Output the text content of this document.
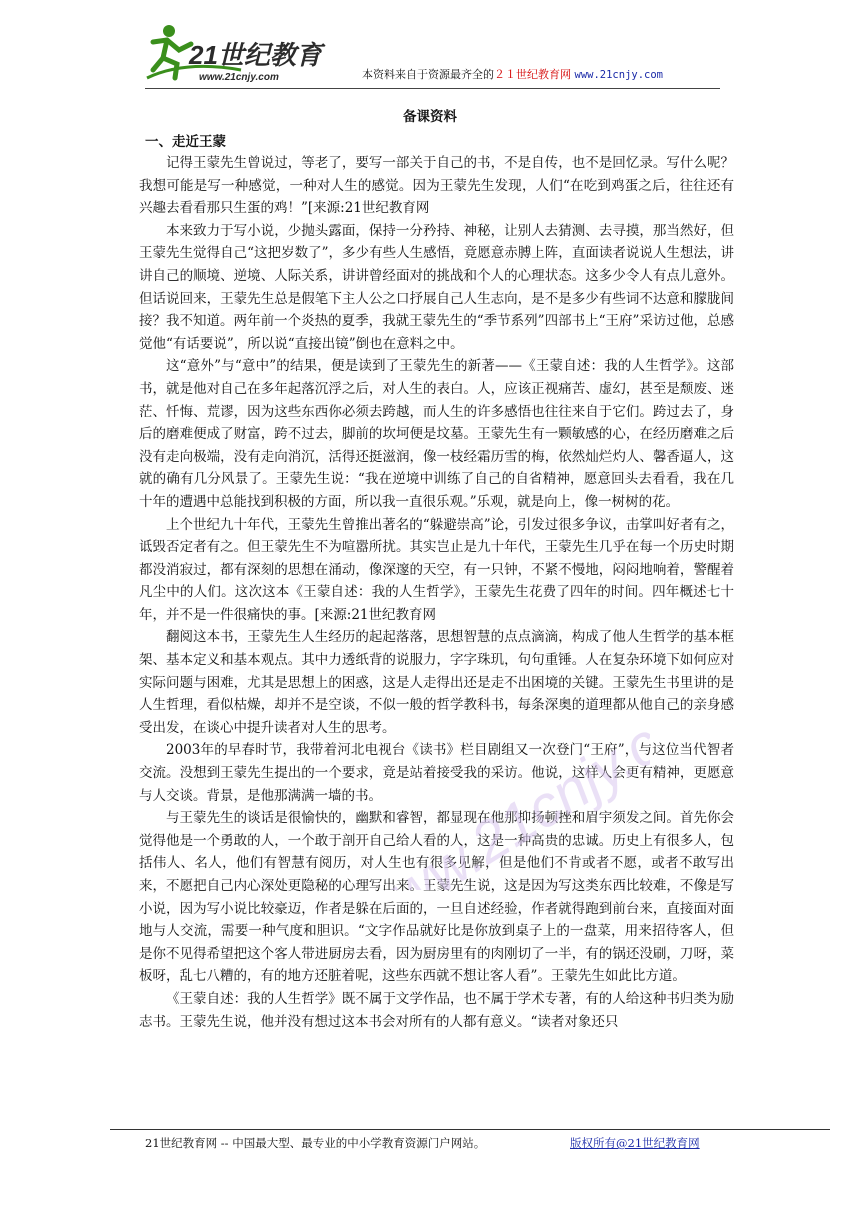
21世纪教育
www.21cnjy.com	本资料来自于资源最齐全的２１世纪教育网 www.21cnjy.com
备课资料
一、走近王蒙

记得王蒙先生曾说过，等老了，要写一部关于自己的书，不是自传，也不是回忆录。写什么呢？我想可能是写一种感觉，一种对人生的感觉。因为王蒙先生发现，人们“在吃到鸡蛋之后，往往还有兴趣去看看那只生蛋的鸡！”[来源:21世纪教育网

本来致力于写小说，少抛头露面，保持一分矜持、神秘，让别人去猜测、去寻摸，那当然好，但王蒙先生觉得自己“这把岁数了”，多少有些人生感悟，竟愿意赤膊上阵，直面读者说说人生想法，讲讲自己的顺境、逆境、人际关系，讲讲曾经面对的挑战和个人的心理状态。这多少令人有点儿意外。但话说回来，王蒙先生总是假笔下主人公之口抒展自己人生志向，是不是多少有些词不达意和朦胧间接？我不知道。两年前一个炎热的夏季，我就王蒙先生的“季节系列”四部书上“王府”采访过他，总感觉他“有话要说”，所以说“直接出镜”倒也在意料之中。

这“意外”与“意中”的结果，便是读到了王蒙先生的新著——《王蒙自述：我的人生哲学》。这部书，就是他对自己在多年起落沉浮之后，对人生的表白。人，应该正视痛苦、虚幻，甚至是颓废、迷茫、忏悔、荒谬，因为这些东西你必须去跨越，而人生的许多感悟也往往来自于它们。跨过去了，身后的磨难便成了财富，跨不过去，脚前的坎坷便是坟墓。王蒙先生有一颗敏感的心，在经历磨难之后没有走向极端，没有走向消沉，活得还挺滋润，像一枝经霜历雪的梅，依然灿烂灼人、馨香逼人，这就的确有几分风景了。王蒙先生说：“我在逆境中训练了自己的自省精神，愿意回头去看看，我在几十年的遭遇中总能找到积极的方面，所以我一直很乐观。”乐观，就是向上，像一树树的花。

上个世纪九十年代，王蒙先生曾推出著名的“躲避崇高”论，引发过很多争议，击掌叫好者有之，诋毁否定者有之。但王蒙先生不为喧嚣所扰。其实岂止是九十年代，王蒙先生几乎在每一个历史时期都没消寂过，都有深刻的思想在涌动，像深邃的天空，有一只钟，不紧不慢地，闷闷地响着，警醒着凡尘中的人们。这次这本《王蒙自述：我的人生哲学》，王蒙先生花费了四年的时间。四年概述七十年，并不是一件很痛快的事。[来源:21世纪教育网

翻阅这本书，王蒙先生人生经历的起起落落，思想智慧的点点滴滴，构成了他人生哲学的基本框架、基本定义和基本观点。其中力透纸背的说服力，字字珠玑，句句重锤。人在复杂环境下如何应对实际问题与困难，尤其是思想上的困惑，这是人走得出还是走不出困境的关键。王蒙先生书里讲的是人生哲理，看似枯燥，却并不是空谈，不似一般的哲学教科书，每条深奥的道理都从他自己的亲身感受出发，在谈心中提升读者对人生的思考。

2003年的早春时节，我带着河北电视台《读书》栏目剧组又一次登门“王府”，与这位当代智者交流。没想到王蒙先生提出的一个要求，竟是站着接受我的采访。他说，这样人会更有精神，更愿意与人交谈。背景，是他那满满一墙的书。

与王蒙先生的谈话是很愉快的，幽默和睿智，都显现在他那抑扬顿挫和眉宇须发之间。首先你会觉得他是一个勇敢的人，一个敢于剖开自己给人看的人，这是一种高贵的忠诚。历史上有很多人，包括伟人、名人，他们有智慧有阅历，对人生也有很多见解，但是他们不肯或者不愿，或者不敢写出来，不愿把自己内心深处更隐秘的心理写出来。王蒙先生说，这是因为写这类东西比较难，不像是写小说，因为写小说比较豪迈，作者是躲在后面的，一旦自述经验，作者就得跑到前台来，直接面对面地与人交流，需要一种气度和胆识。“文字作品就好比是你放到桌子上的一盘菜，用来招待客人，但是你不见得希望把这个客人带进厨房去看，因为厨房里有的肉刚切了一半，有的锅还没刷，刀呀，菜板呀，乱七八糟的，有的地方还脏着呢，这些东西就不想让客人看”。王蒙先生如此比方道。

《王蒙自述：我的人生哲学》既不属于文学作品，也不属于学术专著，有的人给这种书归类为励志书。王蒙先生说，他并没有想过这本书会对所有的人都有意义。“读者对象还只

www.21cnjy.com
21世纪教育网 -- 中国最大型、最专业的中小学教育资源门户网站。	版权所有@21世纪教育网
